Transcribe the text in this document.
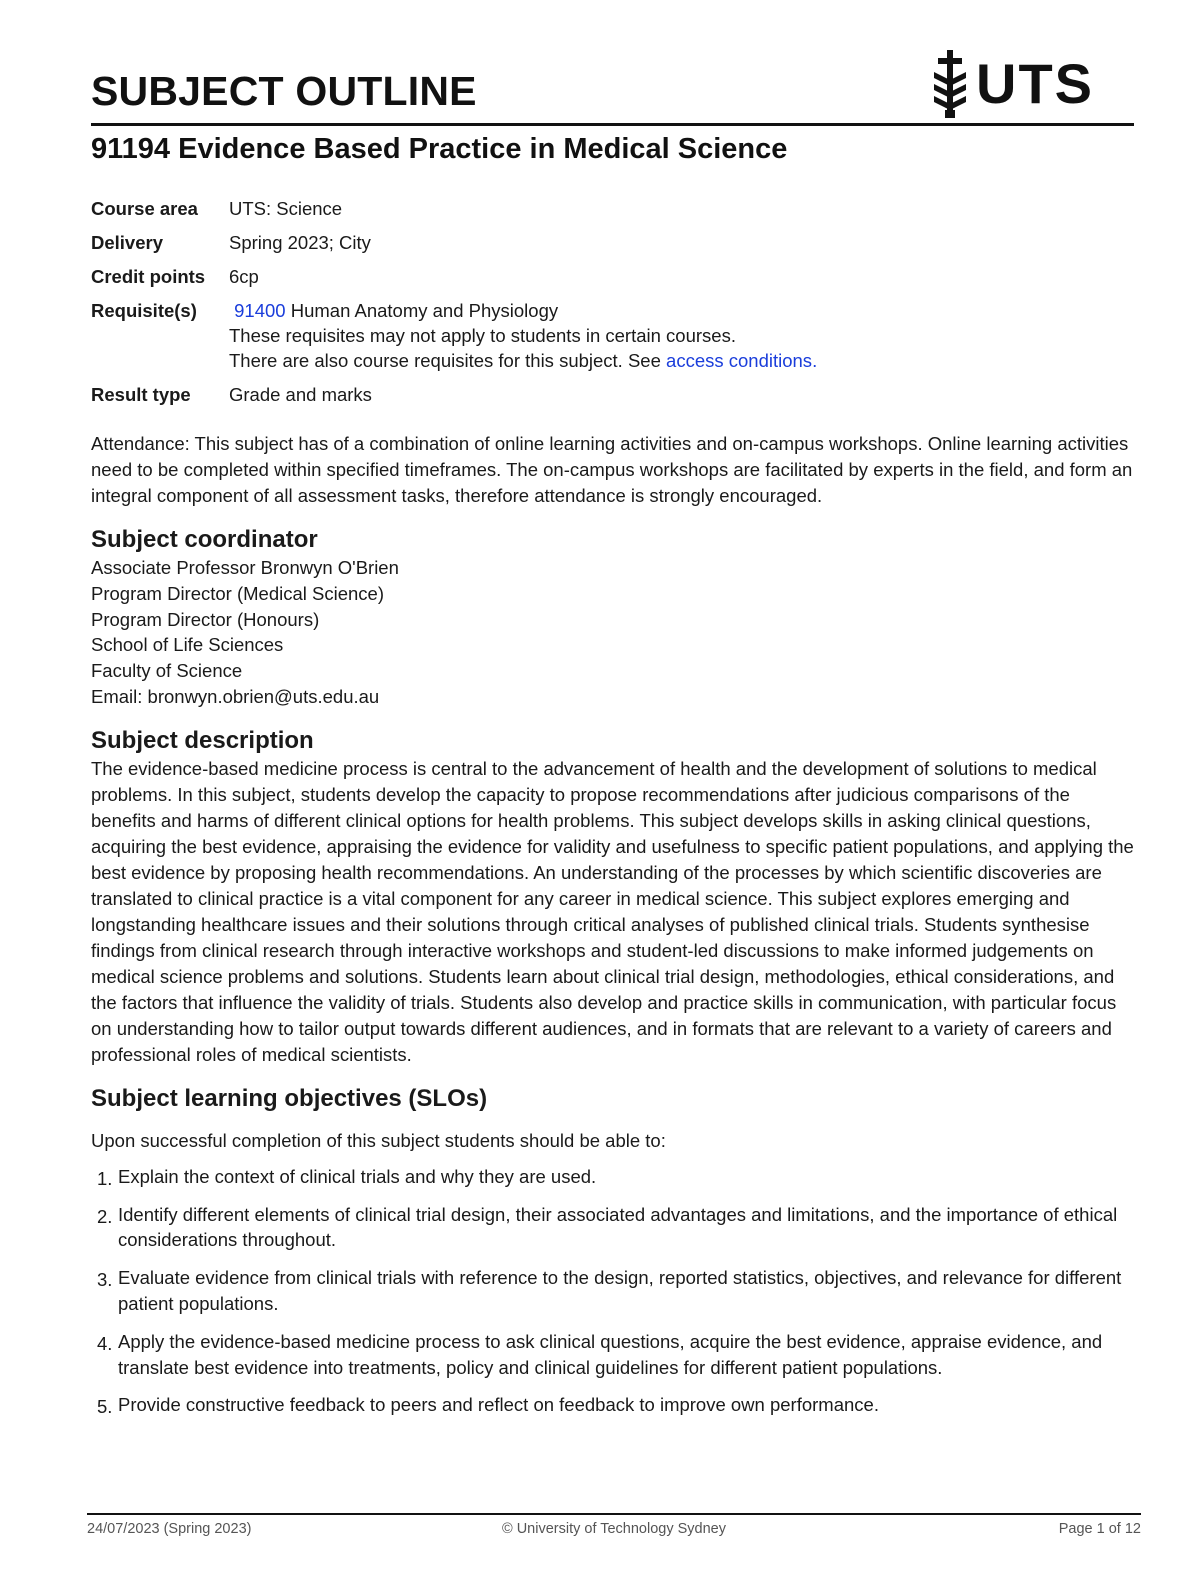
SUBJECT OUTLINE	UTS
91194 Evidence Based Practice in Medical Science
Course area	UTS: Science
Delivery	Spring 2023; City
Credit points	6cp
Requisite(s)	91400 Human Anatomy and Physiology
These requisites may not apply to students in certain courses.
There are also course requisites for this subject. See access conditions.
Result type	Grade and marks

Attendance: This subject has of a combination of online learning activities and on-campus workshops. Online learning activities need to be completed within specified timeframes. The on-campus workshops are facilitated by experts in the field, and form an integral component of all assessment tasks, therefore attendance is strongly encouraged.

Subject coordinator
Associate Professor Bronwyn O'Brien
Program Director (Medical Science)
Program Director (Honours)
School of Life Sciences
Faculty of Science
Email: bronwyn.obrien@uts.edu.au
Subject description

The evidence-based medicine process is central to the advancement of health and the development of solutions to medical problems. In this subject, students develop the capacity to propose recommendations after judicious comparisons of the benefits and harms of different clinical options for health problems. This subject develops skills in asking clinical questions, acquiring the best evidence, appraising the evidence for validity and usefulness to specific patient populations, and applying the best evidence by proposing health recommendations. An understanding of the processes by which scientific discoveries are translated to clinical practice is a vital component for any career in medical science. This subject explores emerging and longstanding healthcare issues and their solutions through critical analyses of published clinical trials. Students synthesise findings from clinical research through interactive workshops and student-led discussions to make informed judgements on medical science problems and solutions. Students learn about clinical trial design, methodologies, ethical considerations, and the factors that influence the validity of trials. Students also develop and practice skills in communication, with particular focus on understanding how to tailor output towards different audiences, and in formats that are relevant to a variety of careers and professional roles of medical scientists.

Subject learning objectives (SLOs)

Upon successful completion of this subject students should be able to:

1. Explain the context of clinical trials and why they are used.
2. Identify different elements of clinical trial design, their associated advantages and limitations, and the importance of ethical considerations throughout.
3. Evaluate evidence from clinical trials with reference to the design, reported statistics, objectives, and relevance for different patient populations.
4. Apply the evidence-based medicine process to ask clinical questions, acquire the best evidence, appraise evidence, and translate best evidence into treatments, policy and clinical guidelines for different patient populations.
5. Provide constructive feedback to peers and reflect on feedback to improve own performance.
24/07/2023 (Spring 2023)	© University of Technology Sydney	Page 1 of 12
